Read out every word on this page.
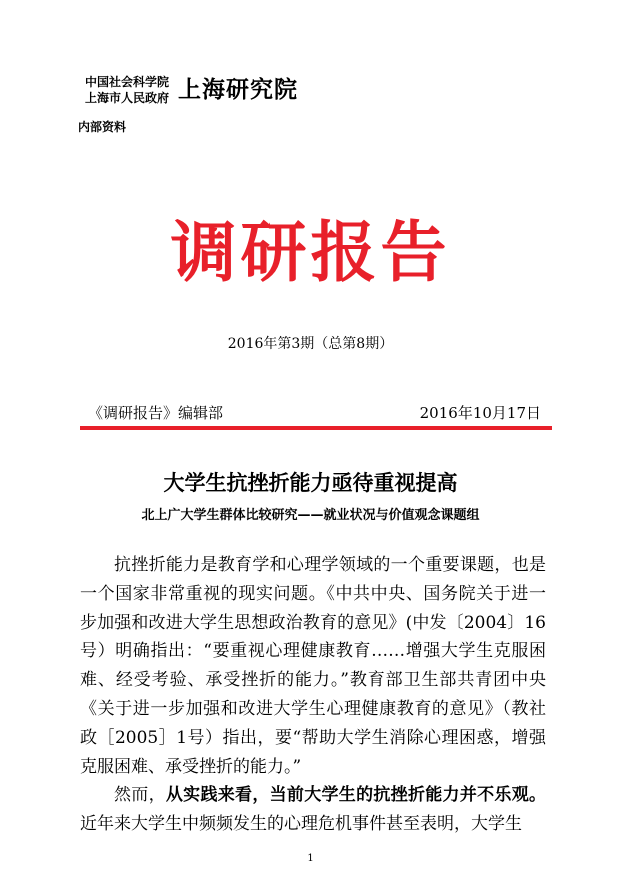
中国社会科学院
上海市人民政府 上海研究院
内部资料
调研报告
2016年第3期（总第8期）
《调研报告》编辑部	2016年10月17日
大学生抗挫折能力亟待重视提高
北上广大学生群体比较研究——就业状况与价值观念课题组

抗挫折能力是教育学和心理学领域的一个重要课题，也是一个国家非常重视的现实问题。《中共中央、国务院关于进一步加强和改进大学生思想政治教育的意见》(中发〔2004〕16号）明确指出：“要重视心理健康教育……增强大学生克服困难、经受考验、承受挫折的能力。”教育部卫生部共青团中央《关于进一步加强和改进大学生心理健康教育的意见》（教社政［2005］1号）指出，要“帮助大学生消除心理困惑，增强克服困难、承受挫折的能力。”

然而，从实践来看，当前大学生的抗挫折能力并不乐观。近年来大学生中频频发生的心理危机事件甚至表明，大学生

1
